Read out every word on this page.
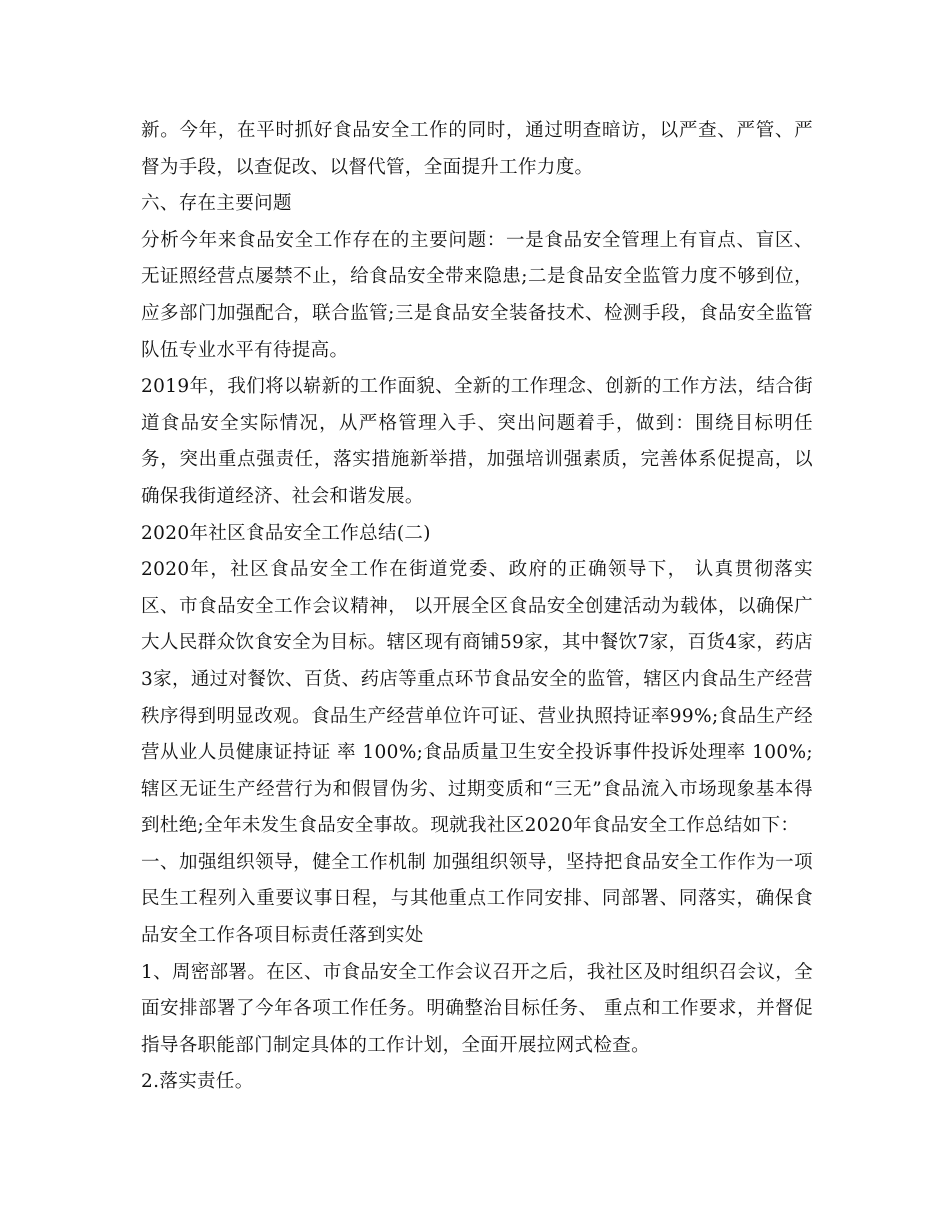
新。今年，在平时抓好食品安全工作的同时，通过明查暗访，以严查、严管、严督为手段，以查促改、以督代管，全面提升工作力度。

六、存在主要问题

分析今年来食品安全工作存在的主要问题：一是食品安全管理上有盲点、盲区、无证照经营点屡禁不止，给食品安全带来隐患;二是食品安全监管力度不够到位，应多部门加强配合，联合监管;三是食品安全装备技术、检测手段，食品安全监管队伍专业水平有待提高。

2019年，我们将以崭新的工作面貌、全新的工作理念、创新的工作方法，结合街道食品安全实际情况，从严格管理入手、突出问题着手，做到：围绕目标明任务，突出重点强责任，落实措施新举措，加强培训强素质，完善体系促提高，以确保我街道经济、社会和谐发展。

2020年社区食品安全工作总结(二)

2020年，社区食品安全工作在街道党委、政府的正确领导下， 认真贯彻落实区、市食品安全工作会议精神， 以开展全区食品安全创建活动为载体，以确保广大人民群众饮食安全为目标。辖区现有商铺59家，其中餐饮7家，百货4家，药店3家，通过对餐饮、百货、药店等重点环节食品安全的监管，辖区内食品生产经营秩序得到明显改观。食品生产经营单位许可证、营业执照持证率99%;食品生产经营从业人员健康证持证 率 100%;食品质量卫生安全投诉事件投诉处理率 100%;辖区无证生产经营行为和假冒伪劣、过期变质和“三无”食品流入市场现象基本得到杜绝;全年未发生食品安全事故。现就我社区2020年食品安全工作总结如下：

一、加强组织领导，健全工作机制 加强组织领导，坚持把食品安全工作作为一项民生工程列入重要议事日程，与其他重点工作同安排、同部署、同落实，确保食品安全工作各项目标责任落到实处

1、周密部署。在区、市食品安全工作会议召开之后，我社区及时组织召会议，全面安排部署了今年各项工作任务。明确整治目标任务、 重点和工作要求，并督促指导各职能部门制定具体的工作计划，全面开展拉网式检查。

2.落实责任。
